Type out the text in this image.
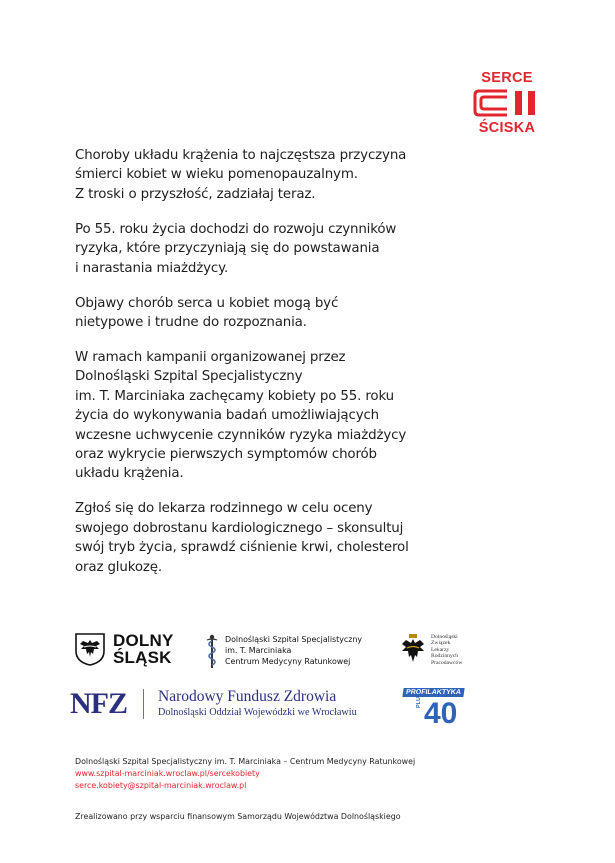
SERCE
ŚCISKA

Choroby układu krążenia to najczęstsza przyczyna
śmierci kobiet w wieku pomenopauzalnym.
Z troski o przyszłość, zadziałaj teraz.

Po 55. roku życia dochodzi do rozwoju czynników
ryzyka, które przyczyniają się do powstawania
i narastania miażdżycy.

Objawy chorób serca u kobiet mogą być
nietypowe i trudne do rozpoznania.

W ramach kampanii organizowanej przez
Dolnośląski Szpital Specjalistyczny
im. T. Marciniaka zachęcamy kobiety po 55. roku
życia do wykonywania badań umożliwiających
wczesne uchwycenie czynników ryzyka miażdżycy
oraz wykrycie pierwszych symptomów chorób
układu krążenia.

Zgłoś się do lekarza rodzinnego w celu oceny
swojego dobrostanu kardiologicznego – skonsultuj
swój tryb życia, sprawdź ciśnienie krwi, cholesterol
oraz glukozę.

DOLNY
ŚLĄSK
Dolnośląski Szpital Specjalistyczny
im. T. Marciniaka
Centrum Medycyny Ratunkowej
Dolnośląski
Związek
Lekarzy
Rodzinnych
Pracodawców
NFZ Narodowy Fundusz Zdrowia
Dolnośląski Oddział Wojewódzki we Wrocławiu 40
PROFILAKTYKA
PLUS
Dolnośląski Szpital Specjalistyczny im. T. Marciniaka – Centrum Medycyny Ratunkowej
www.szpital-marciniak.wroclaw.pl/sercekobiety
serce.kobiety@szpital-marciniak.wroclaw.pl
Zrealizowano przy wsparciu finansowym Samorządu Województwa Dolnośląskiego
